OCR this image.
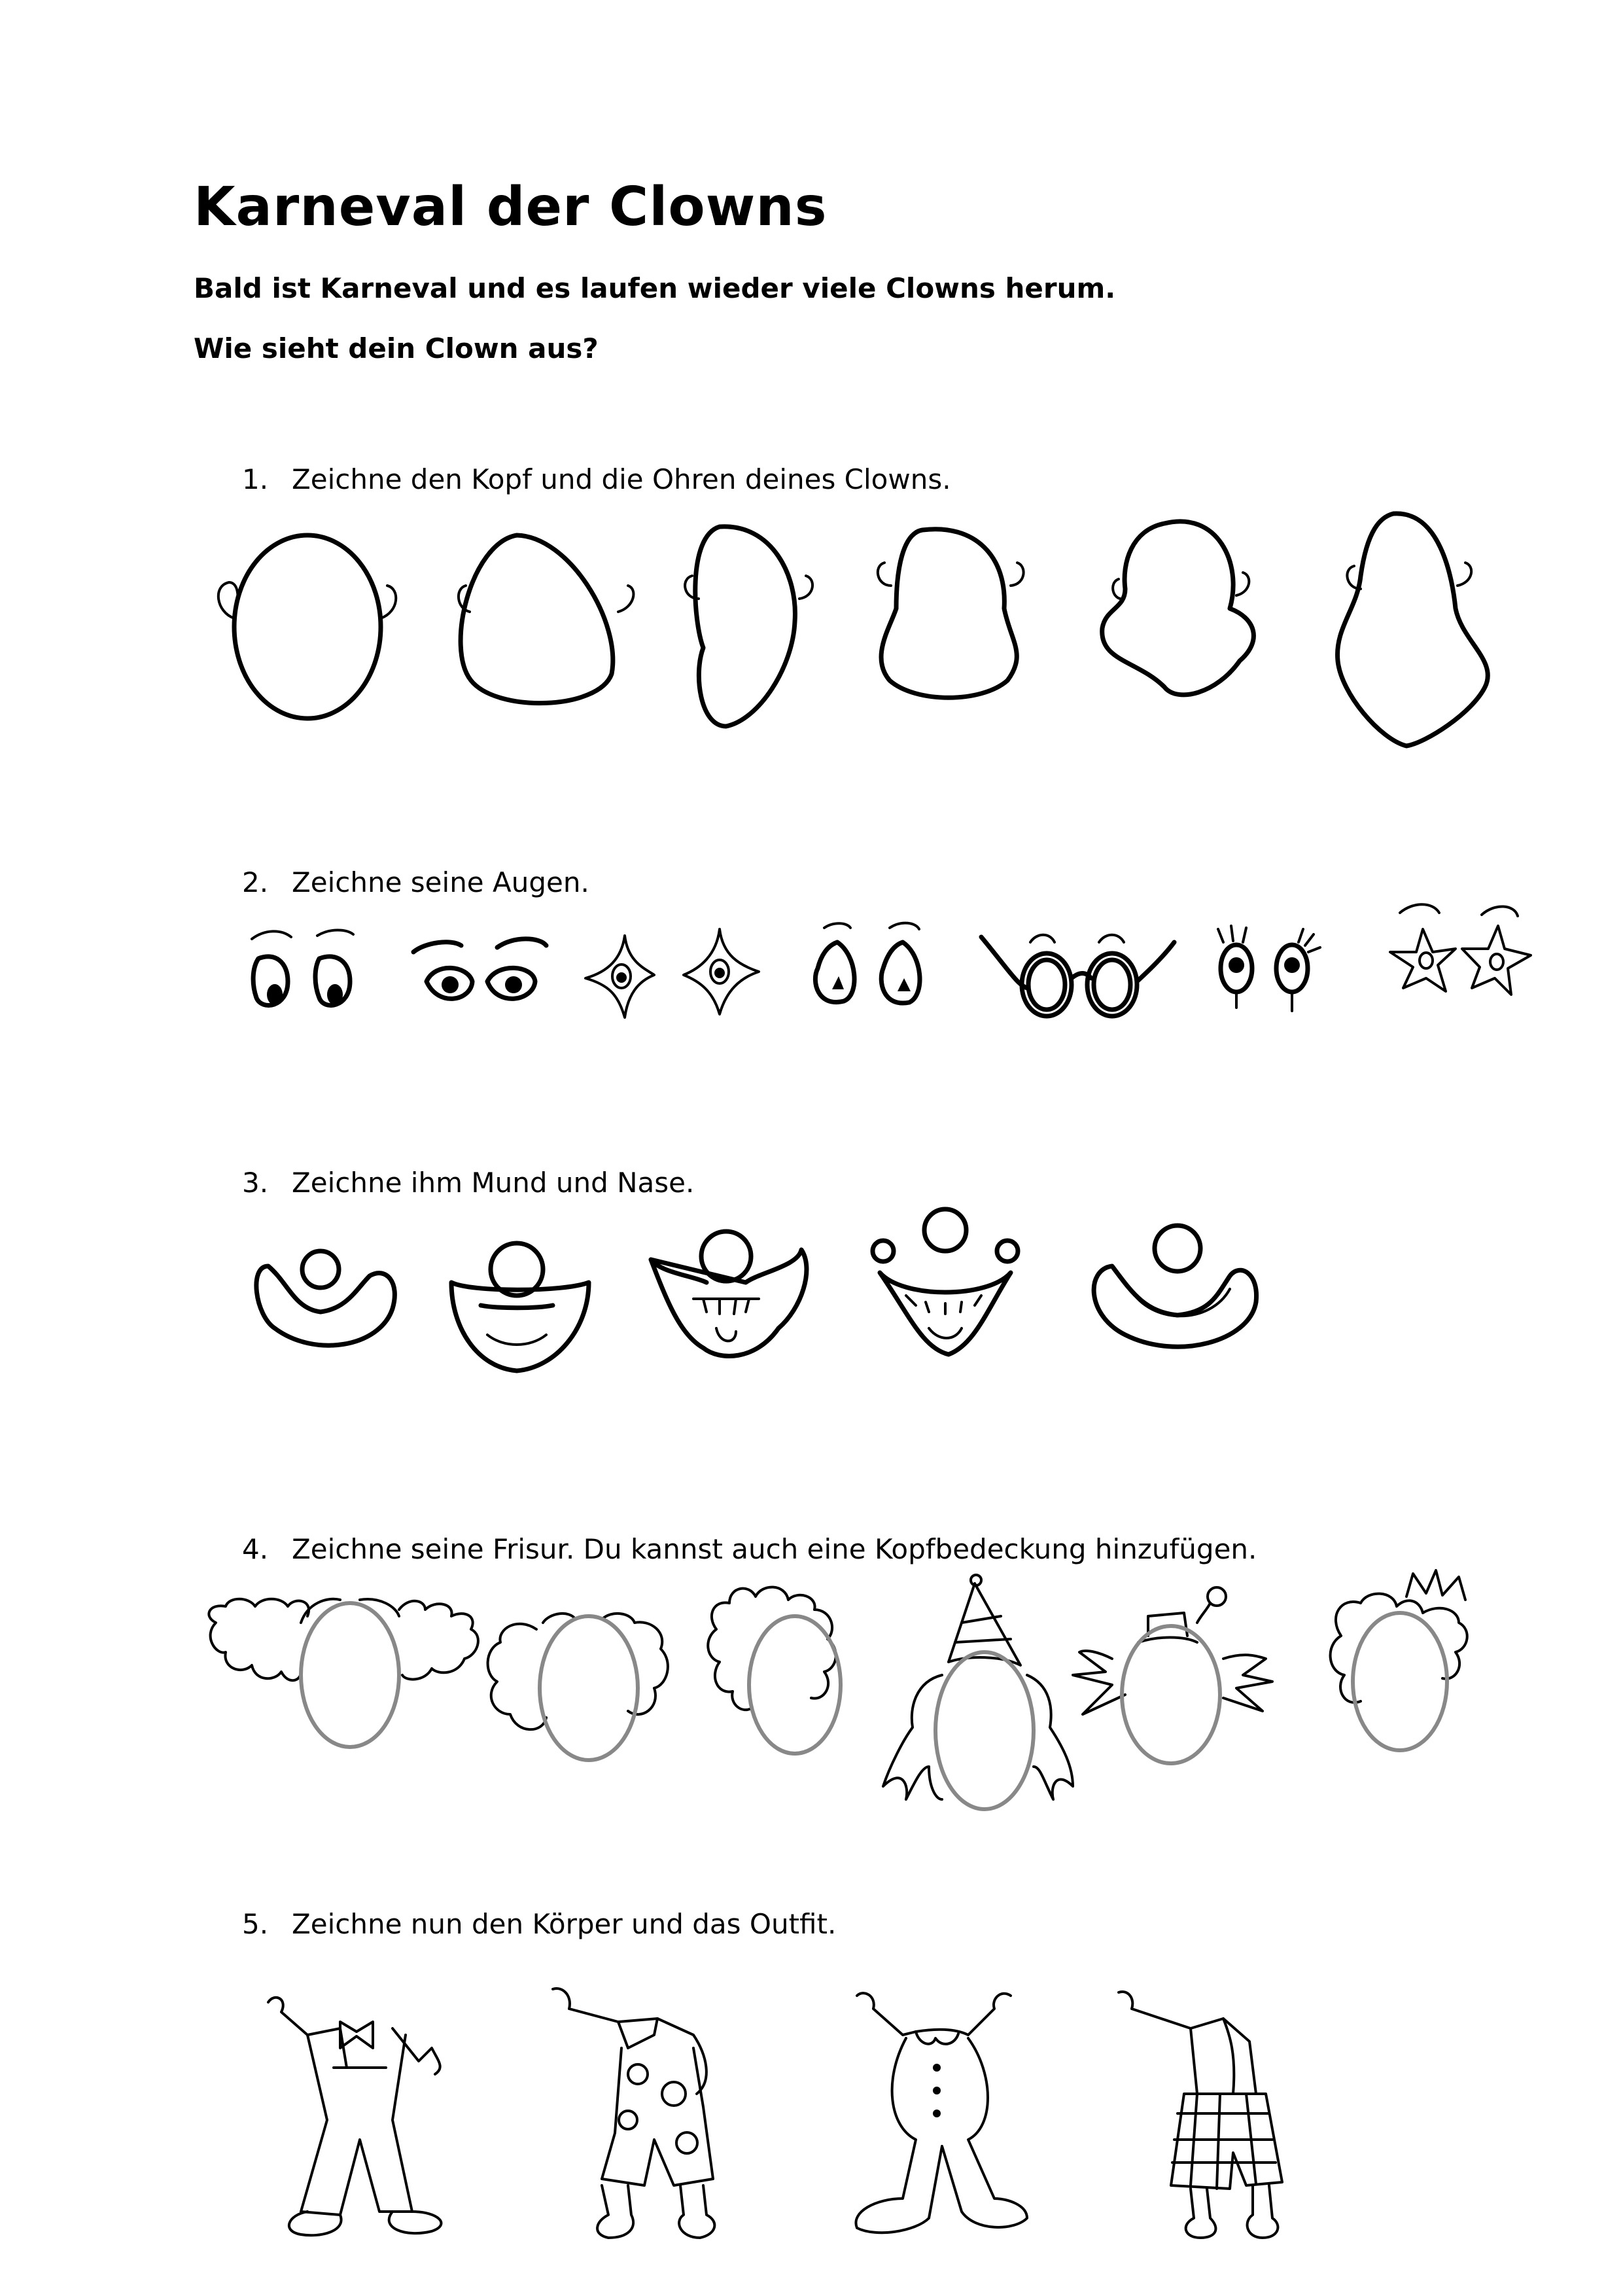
Karneval der Clowns

Bald ist Karneval und es laufen wieder viele Clowns herum.

Wie sieht dein Clown aus?

1. Zeichne den Kopf und die Ohren deines Clowns.

2. Zeichne seine Augen.

3. Zeichne ihm Mund und Nase.

4. Zeichne seine Frisur. Du kannst auch eine Kopfbedeckung hinzufügen.

5. Zeichne nun den Körper und das Outfit.
